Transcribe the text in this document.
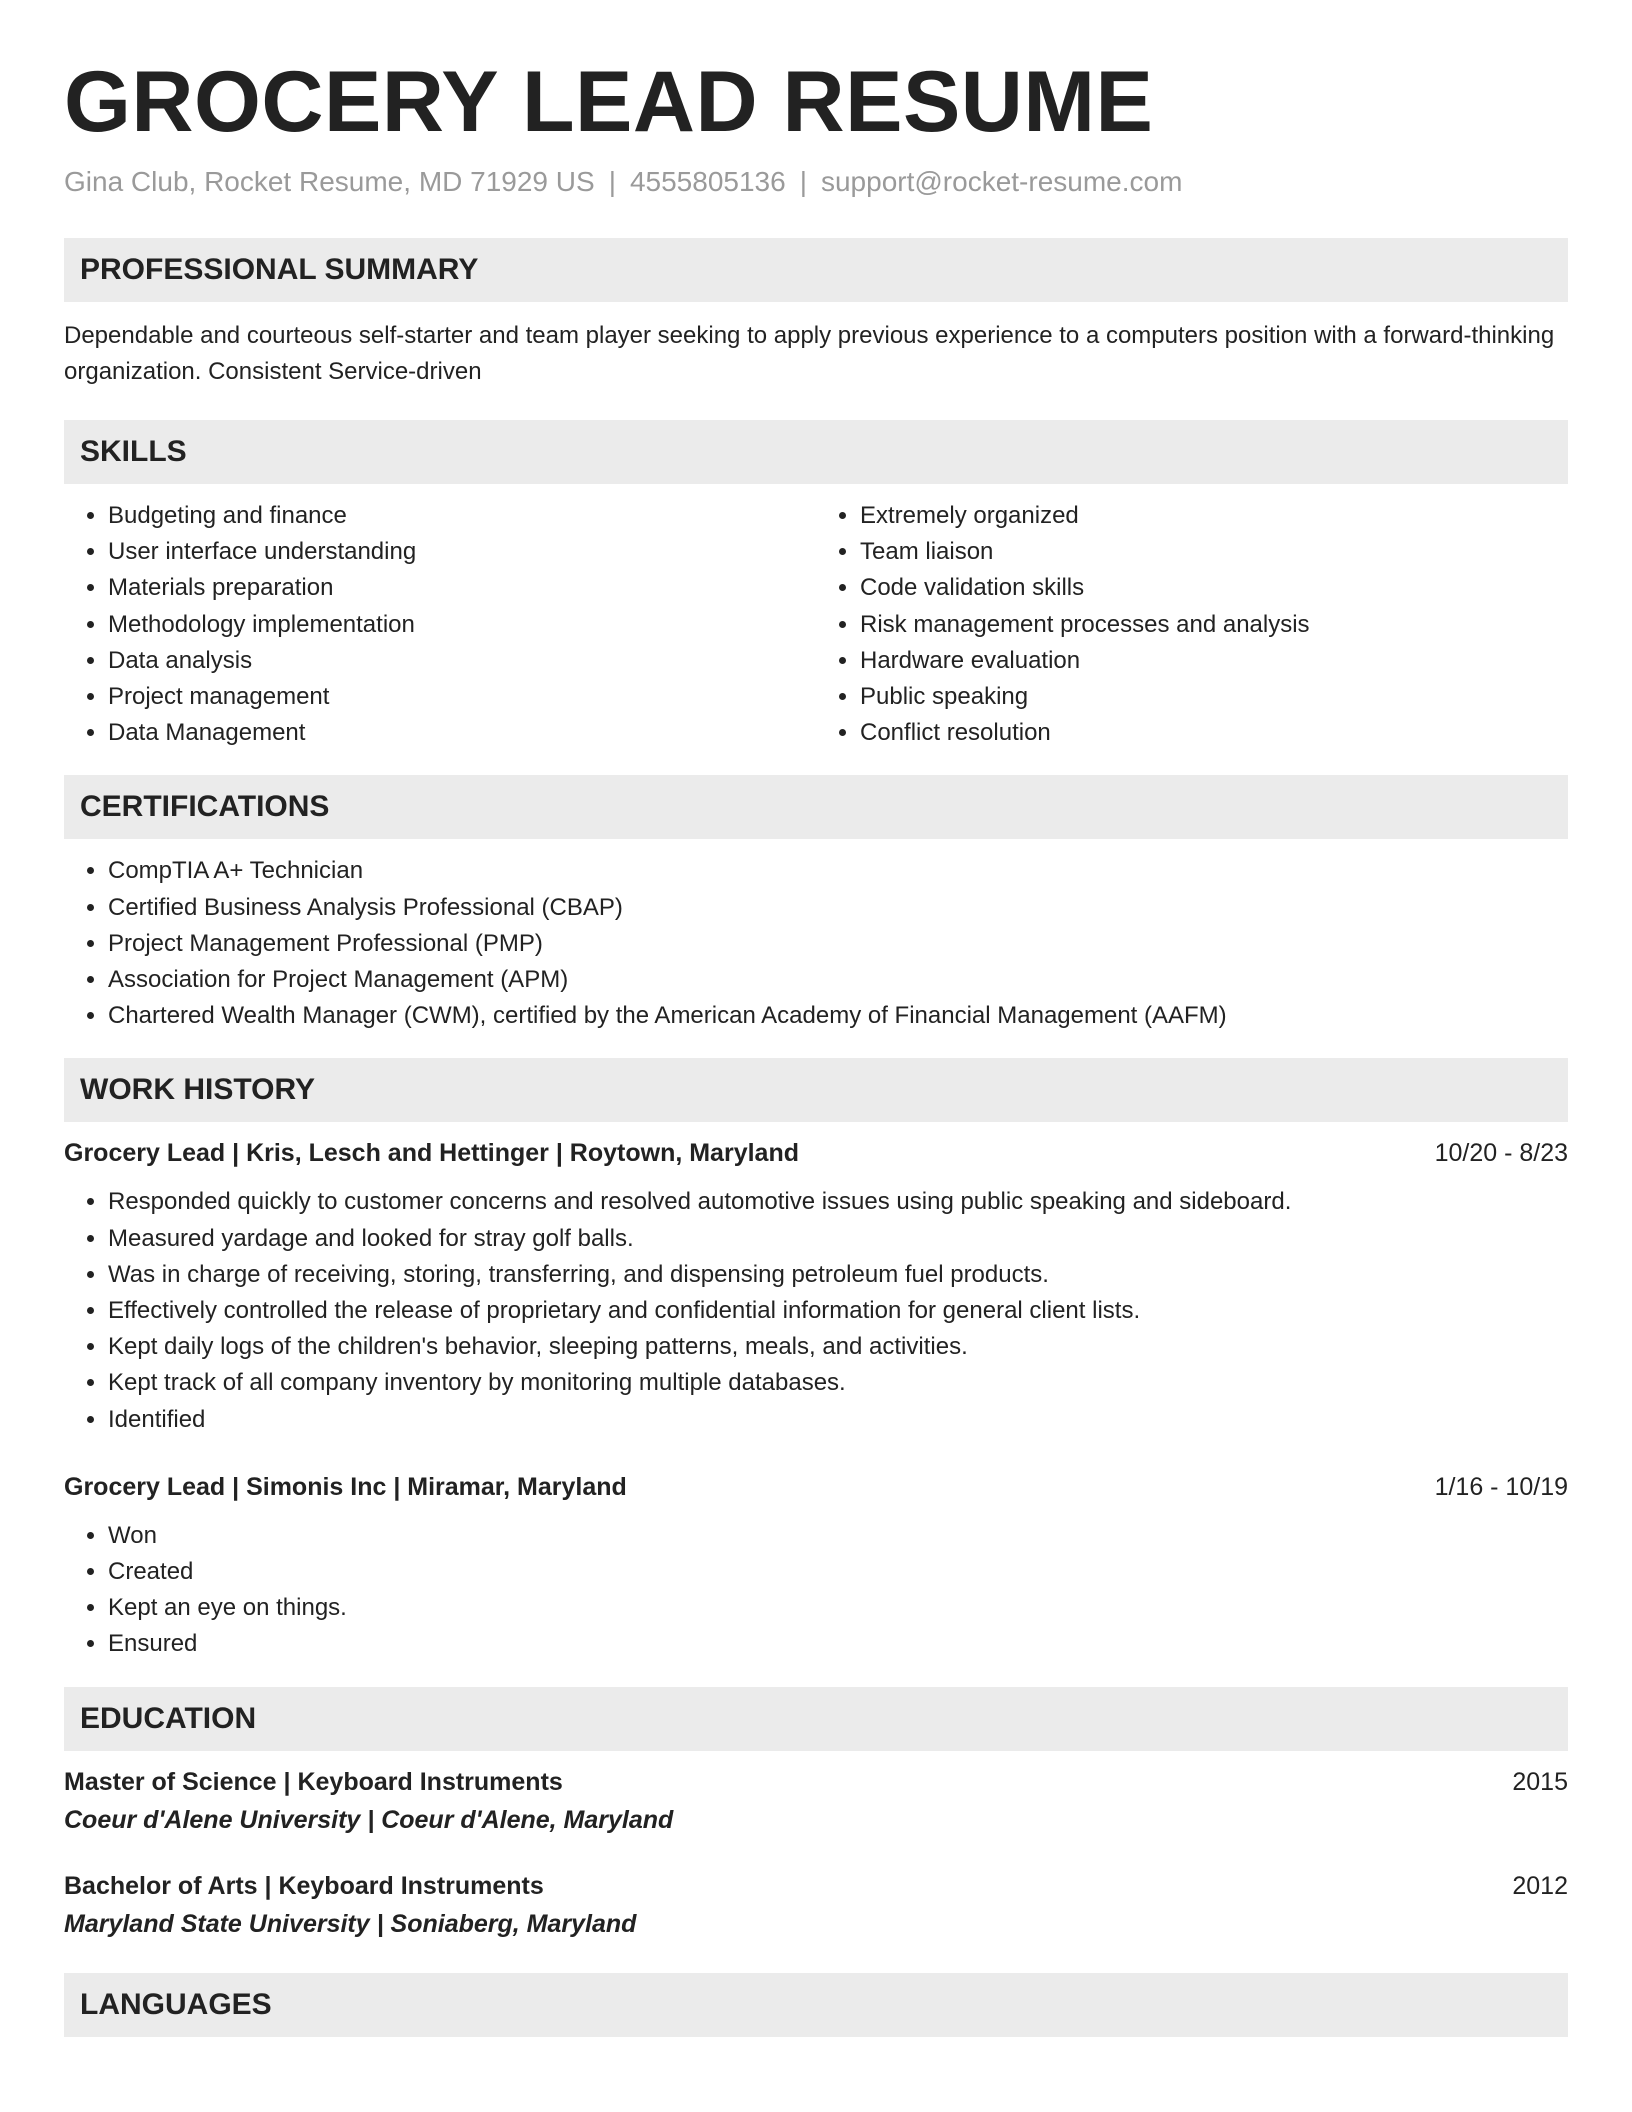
GROCERY LEAD RESUME
Gina Club, Rocket Resume, MD 71929 US | 4555805136 | support@rocket-resume.com
PROFESSIONAL SUMMARY

Dependable and courteous self-starter and team player seeking to apply previous experience to a computers position with a forward-thinking organization. Consistent Service-driven

SKILLS
• Budgeting and finance
• User interface understanding
• Materials preparation
• Methodology implementation
• Data analysis
• Project management
• Data Management
• Extremely organized
• Team liaison
• Code validation skills
• Risk management processes and analysis
• Hardware evaluation
• Public speaking
• Conflict resolution
CERTIFICATIONS
• CompTIA A+ Technician
• Certified Business Analysis Professional (CBAP)
• Project Management Professional (PMP)
• Association for Project Management (APM)
• Chartered Wealth Manager (CWM), certified by the American Academy of Financial Management (AAFM)
WORK HISTORY
Grocery Lead | Kris, Lesch and Hettinger | Roytown, Maryland	10/20 - 8/23
• Responded quickly to customer concerns and resolved automotive issues using public speaking and sideboard.
• Measured yardage and looked for stray golf balls.
• Was in charge of receiving, storing, transferring, and dispensing petroleum fuel products.
• Effectively controlled the release of proprietary and confidential information for general client lists.
• Kept daily logs of the children's behavior, sleeping patterns, meals, and activities.
• Kept track of all company inventory by monitoring multiple databases.
• Identified
Grocery Lead | Simonis Inc | Miramar, Maryland	1/16 - 10/19
• Won
• Created
• Kept an eye on things.
• Ensured
EDUCATION
Master of Science | Keyboard Instruments	2015
Coeur d'Alene University | Coeur d'Alene, Maryland
Bachelor of Arts | Keyboard Instruments	2012
Maryland State University | Soniaberg, Maryland
LANGUAGES
